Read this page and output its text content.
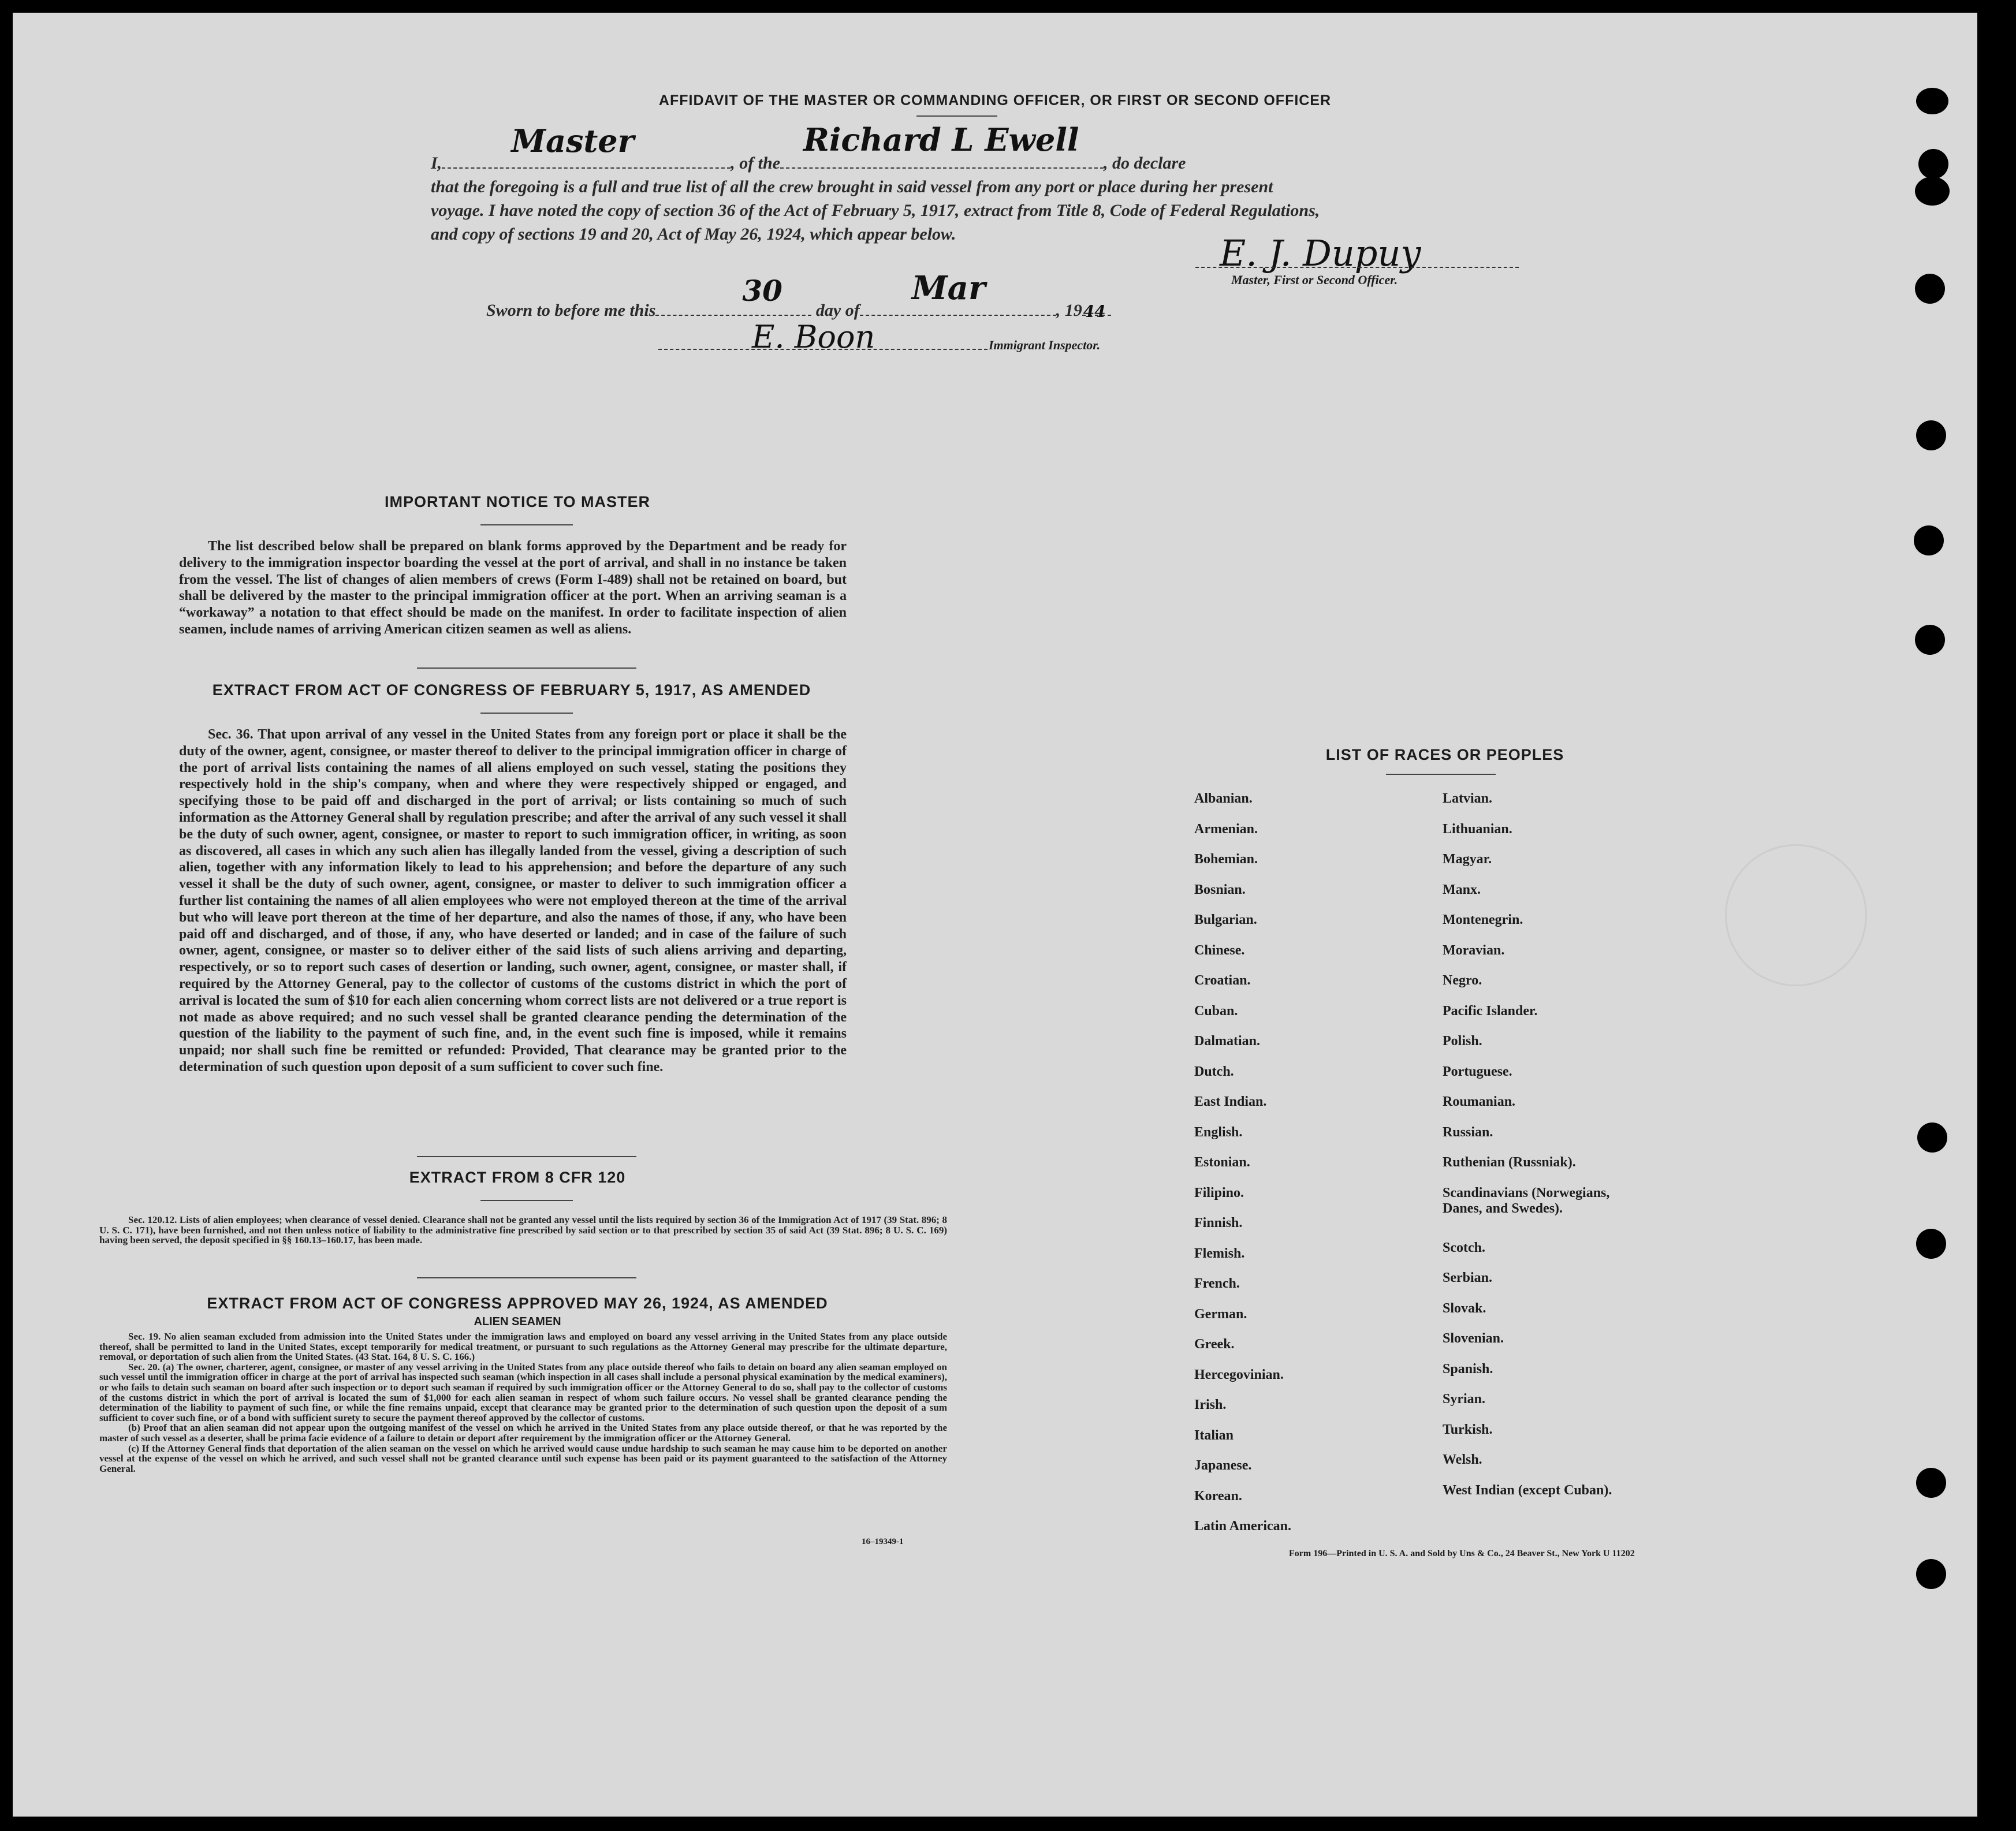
AFFIDAVIT OF THE MASTER OR COMMANDING OFFICER, OR FIRST OR SECOND OFFICER
I,
Master
, of the
Richard L Ewell
, do declare
that the foregoing is a full and true list of all the crew brought in said vessel from any port or place during her present
voyage. I have noted the copy of section 36 of the Act of February 5, 1917, extract from Title 8, Code of Federal Regulations,
and copy of sections 19 and 20, Act of May 26, 1924, which appear below.	E. J. Dupuy
Master, First or Second Officer.
Sworn to before me this
30
day of
Mar
, 19 44
E. Boon	Immigrant Inspector.
IMPORTANT NOTICE TO MASTER
The list described below shall be prepared on blank forms approved by the Department and be ready for delivery to the immigration inspector boarding the vessel at the port of arrival, and shall in no instance be taken from the vessel. The list of changes of alien members of crews (Form I-489) shall not be retained on board, but shall be delivered by the master to the principal immigration officer at the port. When an arriving seaman is a “workaway” a notation to that effect should be made on the manifest. In order to facilitate inspection of alien seamen, include names of arriving American citizen seamen as well as aliens.
EXTRACT FROM ACT OF CONGRESS OF FEBRUARY 5, 1917, AS AMENDED
Sec. 36. That upon arrival of any vessel in the United States from any foreign port or place it shall be the duty of the owner, agent, consignee, or master thereof to deliver to the principal immigration officer in charge of the port of arrival lists containing the names of all aliens employed on such vessel, stating the positions they respectively hold in the ship's company, when and where they were respectively shipped or engaged, and specifying those to be paid off and discharged in the port of arrival; or lists containing so much of such information as the Attorney General shall by regulation prescribe; and after the arrival of any such vessel it shall be the duty of such owner, agent, consignee, or master to report to such immigration officer, in writing, as soon as discovered, all cases in which any such alien has illegally landed from the vessel, giving a description of such alien, together with any information likely to lead to his apprehension; and before the departure of any such vessel it shall be the duty of such owner, agent, consignee, or master to deliver to such immigration officer a further list containing the names of all alien employees who were not employed thereon at the time of the arrival but who will leave port thereon at the time of her departure, and also the names of those, if any, who have been paid off and discharged, and of those, if any, who have deserted or landed; and in case of the failure of such owner, agent, consignee, or master so to deliver either of the said lists of such aliens arriving and departing, respectively, or so to report such cases of desertion or landing, such owner, agent, consignee, or master shall, if required by the Attorney General, pay to the collector of customs of the customs district in which the port of arrival is located the sum of $10 for each alien concerning whom correct lists are not delivered or a true report is not made as above required; and no such vessel shall be granted clearance pending the determination of the question of the liability to the payment of such fine, and, in the event such fine is imposed, while it remains unpaid; nor shall such fine be remitted or refunded: Provided, That clearance may be granted prior to the determination of such question upon deposit of a sum sufficient to cover such fine.
EXTRACT FROM 8 CFR 120
Sec. 120.12. Lists of alien employees; when clearance of vessel denied. Clearance shall not be granted any vessel until the lists required by section 36 of the Immigration Act of 1917 (39 Stat. 896; 8 U. S. C. 171), have been furnished, and not then unless notice of liability to the administrative fine prescribed by said section or to that prescribed by section 35 of said Act (39 Stat. 896; 8 U. S. C. 169) having been served, the deposit specified in §§ 160.13–160.17, has been made.
EXTRACT FROM ACT OF CONGRESS APPROVED MAY 26, 1924, AS AMENDED
ALIEN SEAMEN
Sec. 19. No alien seaman excluded from admission into the United States under the immigration laws and employed on board any vessel arriving in the United States from any place outside thereof, shall be permitted to land in the United States, except temporarily for medical treatment, or pursuant to such regulations as the Attorney General may prescribe for the ultimate departure, removal, or deportation of such alien from the United States. (43 Stat. 164, 8 U. S. C. 166.)
Sec. 20. (a) The owner, charterer, agent, consignee, or master of any vessel arriving in the United States from any place outside thereof who fails to detain on board any alien seaman employed on such vessel until the immigration officer in charge at the port of arrival has inspected such seaman (which inspection in all cases shall include a personal physical examination by the medical examiners), or who fails to detain such seaman on board after such inspection or to deport such seaman if required by such immigration officer or the Attorney General to do so, shall pay to the collector of customs of the customs district in which the port of arrival is located the sum of $1,000 for each alien seaman in respect of whom such failure occurs. No vessel shall be granted clearance pending the determination of the liability to payment of such fine, or while the fine remains unpaid, except that clearance may be granted prior to the determination of such question upon the deposit of a sum sufficient to cover such fine, or of a bond with sufficient surety to secure the payment thereof approved by the collector of customs.
(b) Proof that an alien seaman did not appear upon the outgoing manifest of the vessel on which he arrived in the United States from any place outside thereof, or that he was reported by the master of such vessel as a deserter, shall be prima facie evidence of a failure to detain or deport after requirement by the immigration officer or the Attorney General.
(c) If the Attorney General finds that deportation of the alien seaman on the vessel on which he arrived would cause undue hardship to such seaman he may cause him to be deported on another vessel at the expense of the vessel on which he arrived, and such vessel shall not be granted clearance until such expense has been paid or its payment guaranteed to the satisfaction of the Attorney General.
16–19349-1
LIST OF RACES OR PEOPLES
Albanian.
Armenian.
Bohemian.
Bosnian.
Bulgarian.
Chinese.
Croatian.
Cuban.
Dalmatian.
Dutch.
East Indian.
English.
Estonian.
Filipino.
Finnish.
Flemish.
French.
German.
Greek.
Hercegovinian.
Irish.
Italian
Japanese.
Korean.
Latin American.
Latvian.
Lithuanian.
Magyar.
Manx.
Montenegrin.
Moravian.
Negro.
Pacific Islander.
Polish.
Portuguese.
Roumanian.
Russian.
Ruthenian (Russniak).
Scandinavians (Norwegians, Danes, and Swedes).
Scotch.
Serbian.
Slovak.
Slovenian.
Spanish.
Syrian.
Turkish.
Welsh.
West Indian (except Cuban).
Form 196—Printed in U. S. A. and Sold by Uns & Co., 24 Beaver St., New York U 11202
